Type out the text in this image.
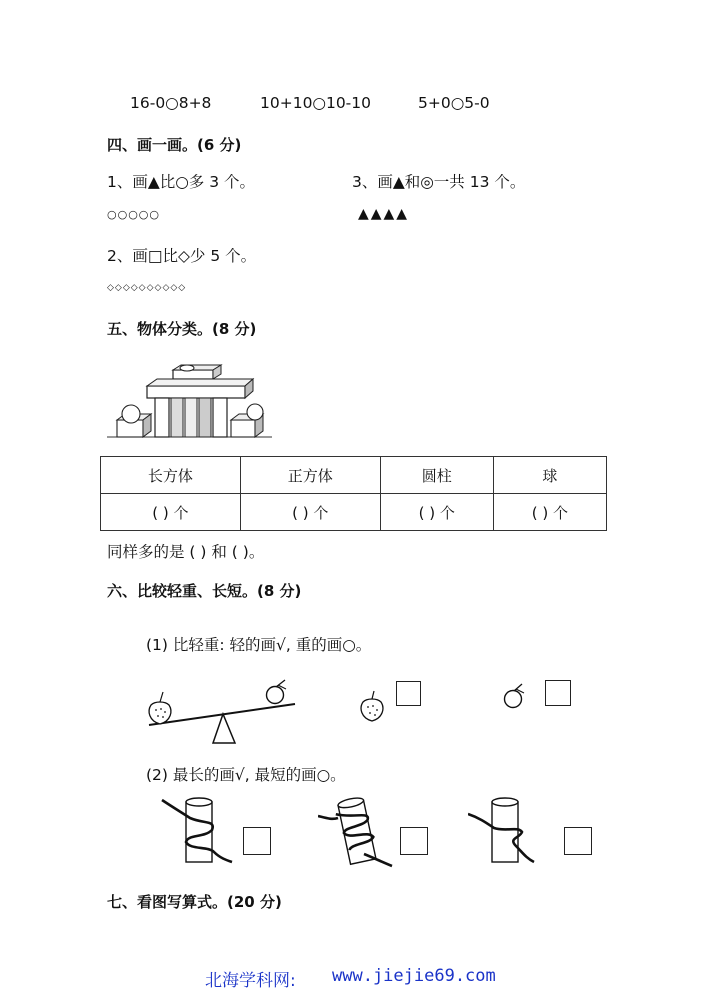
16-0○8+8	10+10○10-10	5+0○5-0
四、画一画。(6 分)
1、画▲比○多 3 个。	3、画▲和◎一共 13 个。
○○○○○	▲▲▲▲
2、画□比◇少 5 个。
◇◇◇◇◇◇◇◇◇◇
五、物体分类。(8 分)
长方体	正方体	圆柱	球
( ) 个	( ) 个	( ) 个	( ) 个
同样多的是 ( ) 和 ( )。
六、比较轻重、长短。(8 分)
(1) 比轻重: 轻的画√, 重的画○。
(2) 最长的画√, 最短的画○。
七、看图写算式。(20 分)
北海学科网: www.jiejie69.com
